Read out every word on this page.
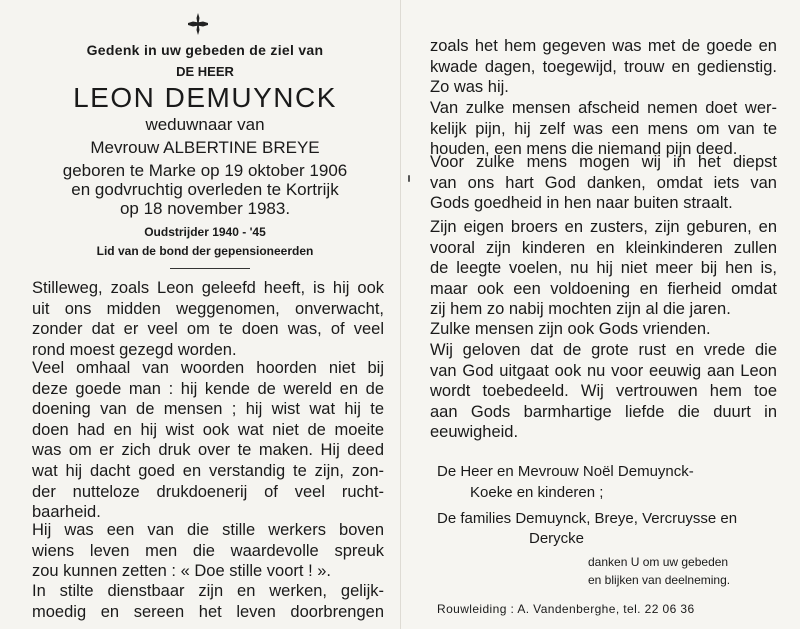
Gedenk in uw gebeden de ziel van
DE HEER
LEON DEMUYNCK
weduwnaar van
Mevrouw ALBERTINE BREYE
geboren te Marke op 19 oktober 1906
en godvruchtig overleden te Kortrijk
op 18 november 1983.
Oudstrijder 1940 - '45
Lid van de bond der gepensioneerden
Stilleweg, zoals Leon geleefd heeft, is hij ook
uit ons midden weggenomen, onverwacht,
zonder dat er veel om te doen was, of veel
rond moest gezegd worden.
Veel omhaal van woorden hoorden niet bij
deze goede man : hij kende de wereld en de
doening van de mensen ; hij wist wat hij te
doen had en hij wist ook wat niet de moeite
was om er zich druk over te maken. Hij deed
wat hij dacht goed en verstandig te zijn, zon-
der nutteloze drukdoenerij of veel rucht-
baarheid.
Hij was een van die stille werkers boven
wiens leven men die waardevolle spreuk
zou kunnen zetten : « Doe stille voort ! ».
In stilte dienstbaar zijn en werken, gelijk-
moedig en sereen het leven doorbrengen
zoals het hem gegeven was met de goede en
kwade dagen, toegewijd, trouw en gedienstig.
Zo was hij.
Van zulke mensen afscheid nemen doet wer-
kelijk pijn, hij zelf was een mens om van te
houden, een mens die niemand pijn deed.
Voor zulke mens mogen wij in het diepst
van ons hart God danken, omdat iets van
Gods goedheid in hen naar buiten straalt.
Zijn eigen broers en zusters, zijn geburen, en
vooral zijn kinderen en kleinkinderen zullen
de leegte voelen, nu hij niet meer bij hen is,
maar ook een voldoening en fierheid omdat
zij hem zo nabij mochten zijn al die jaren.
Zulke mensen zijn ook Gods vrienden.
Wij geloven dat de grote rust en vrede die
van God uitgaat ook nu voor eeuwig aan Leon
wordt toebedeeld. Wij vertrouwen hem toe
aan Gods barmhartige liefde die duurt in
eeuwigheid.
De Heer en Mevrouw Noël Demuynck-
Koeke en kinderen ;
De families Demuynck, Breye, Vercruysse en
Derycke
danken U om uw gebeden
en blijken van deelneming.
Rouwleiding : A. Vandenberghe, tel. 22 06 36
